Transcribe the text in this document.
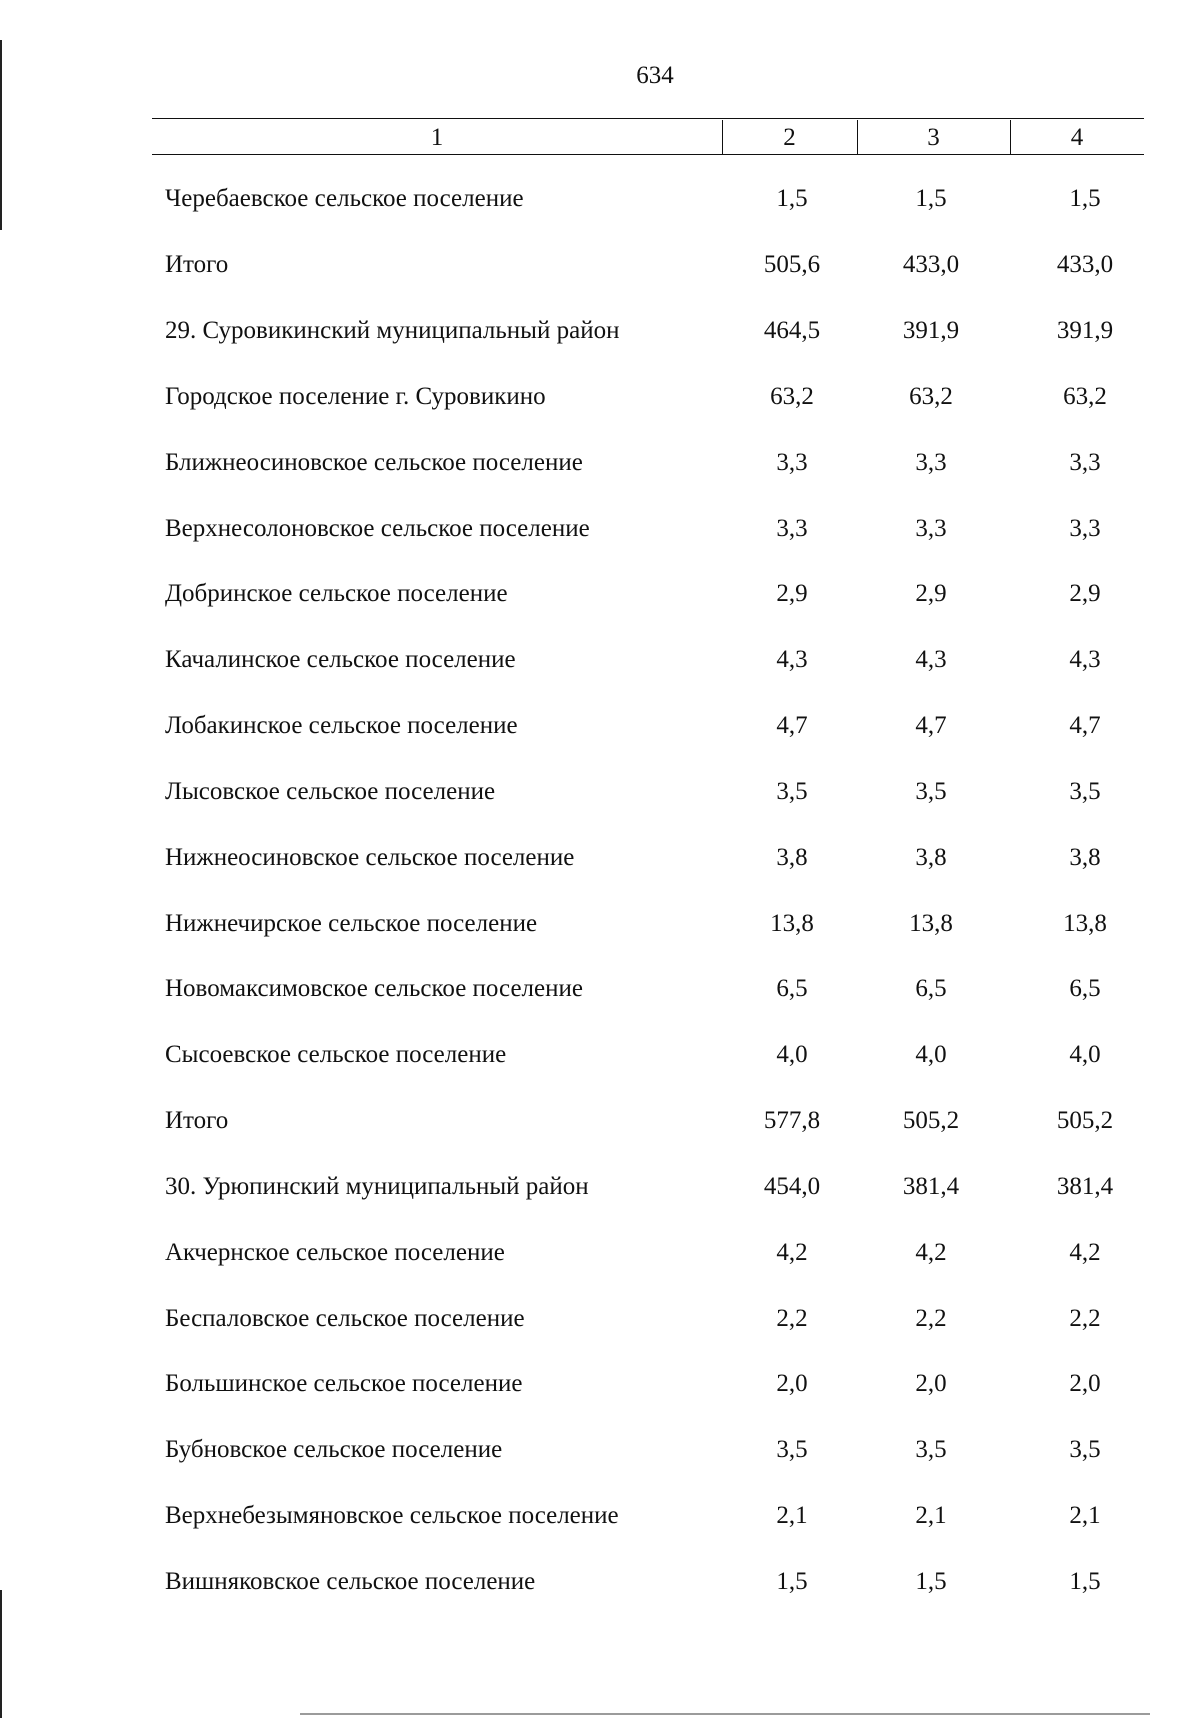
634
1	2	3	4
Чeребаевское сельское поселение	1,5	1,5	1,5
Итого	505,6	433,0	433,0
29. Суровикинский муниципальный район	464,5	391,9	391,9
Городское поселение г. Суровикино	63,2	63,2	63,2
Ближнеосиновское сельское поселение	3,3	3,3	3,3
Верхнесолоновское сельское поселение	3,3	3,3	3,3
Добринское сельское поселение	2,9	2,9	2,9
Качалинское сельское поселение	4,3	4,3	4,3
Лобакинское сельское поселение	4,7	4,7	4,7
Лысовское сельское поселение	3,5	3,5	3,5
Нижнеосиновское сельское поселение	3,8	3,8	3,8
Нижнечирское сельское поселение	13,8	13,8	13,8
Новомаксимовское сельское поселение	6,5	6,5	6,5
Сысоевское сельское поселение	4,0	4,0	4,0
Итого	577,8	505,2	505,2
30. Урюпинский муниципальный район	454,0	381,4	381,4
Акчернское сельское поселение	4,2	4,2	4,2
Беспаловское сельское поселение	2,2	2,2	2,2
Большинское сельское поселение	2,0	2,0	2,0
Бубновское сельское поселение	3,5	3,5	3,5
Верхнебезымяновское сельское поселение	2,1	2,1	2,1
Вишняковское сельское поселение	1,5	1,5	1,5
